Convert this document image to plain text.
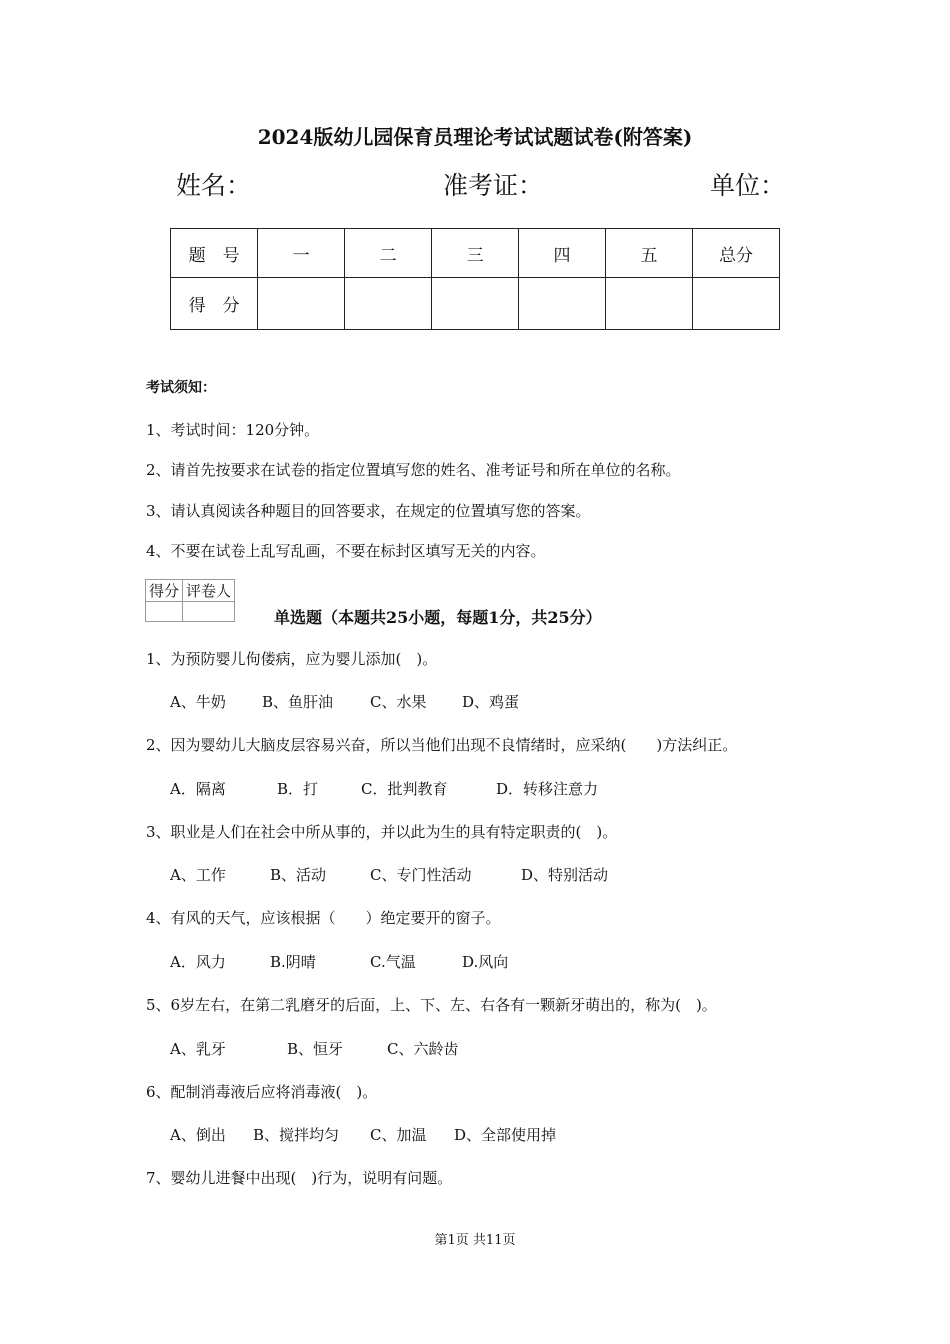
2024版幼儿园保育员理论考试试题试卷(附答案)
姓名：	准考证：	单位：
题　号	一	二	三	四	五	总分
得　分						
考试须知：
1、考试时间：120分钟。
2、请首先按要求在试卷的指定位置填写您的姓名、准考证号和所在单位的名称。
3、请认真阅读各种题目的回答要求，在规定的位置填写您的答案。
4、不要在试卷上乱写乱画，不要在标封区填写无关的内容。
得分	评卷人

单选题（本题共25小题，每题1分，共25分）
1、为预防婴儿佝偻病，应为婴儿添加(　)。
A、牛奶 B、鱼肝油 C、水果 D、鸡蛋
2、因为婴幼儿大脑皮层容易兴奋，所以当他们出现不良情绪时，应采纳(　　)方法纠正。
A．隔离	B．打	C．批判教育	D．转移注意力
3、职业是人们在社会中所从事的，并以此为生的具有特定职责的(　)。
A、工作	B、活动	C、专门性活动	D、特别活动
4、有风的天气，应该根据（　　）绝定要开的窗子。
A．风力	B.阴晴	C.气温	D.风向
5、6岁左右，在第二乳磨牙的后面，上、下、左、右各有一颗新牙萌出的，称为(　)。
A、乳牙	B、恒牙	C、六龄齿
6、配制消毒液后应将消毒液(　)。
A、倒出 B、搅拌均匀 C、加温 D、全部使用掉
7、婴幼儿进餐中出现(　)行为，说明有问题。
第1页 共11页
